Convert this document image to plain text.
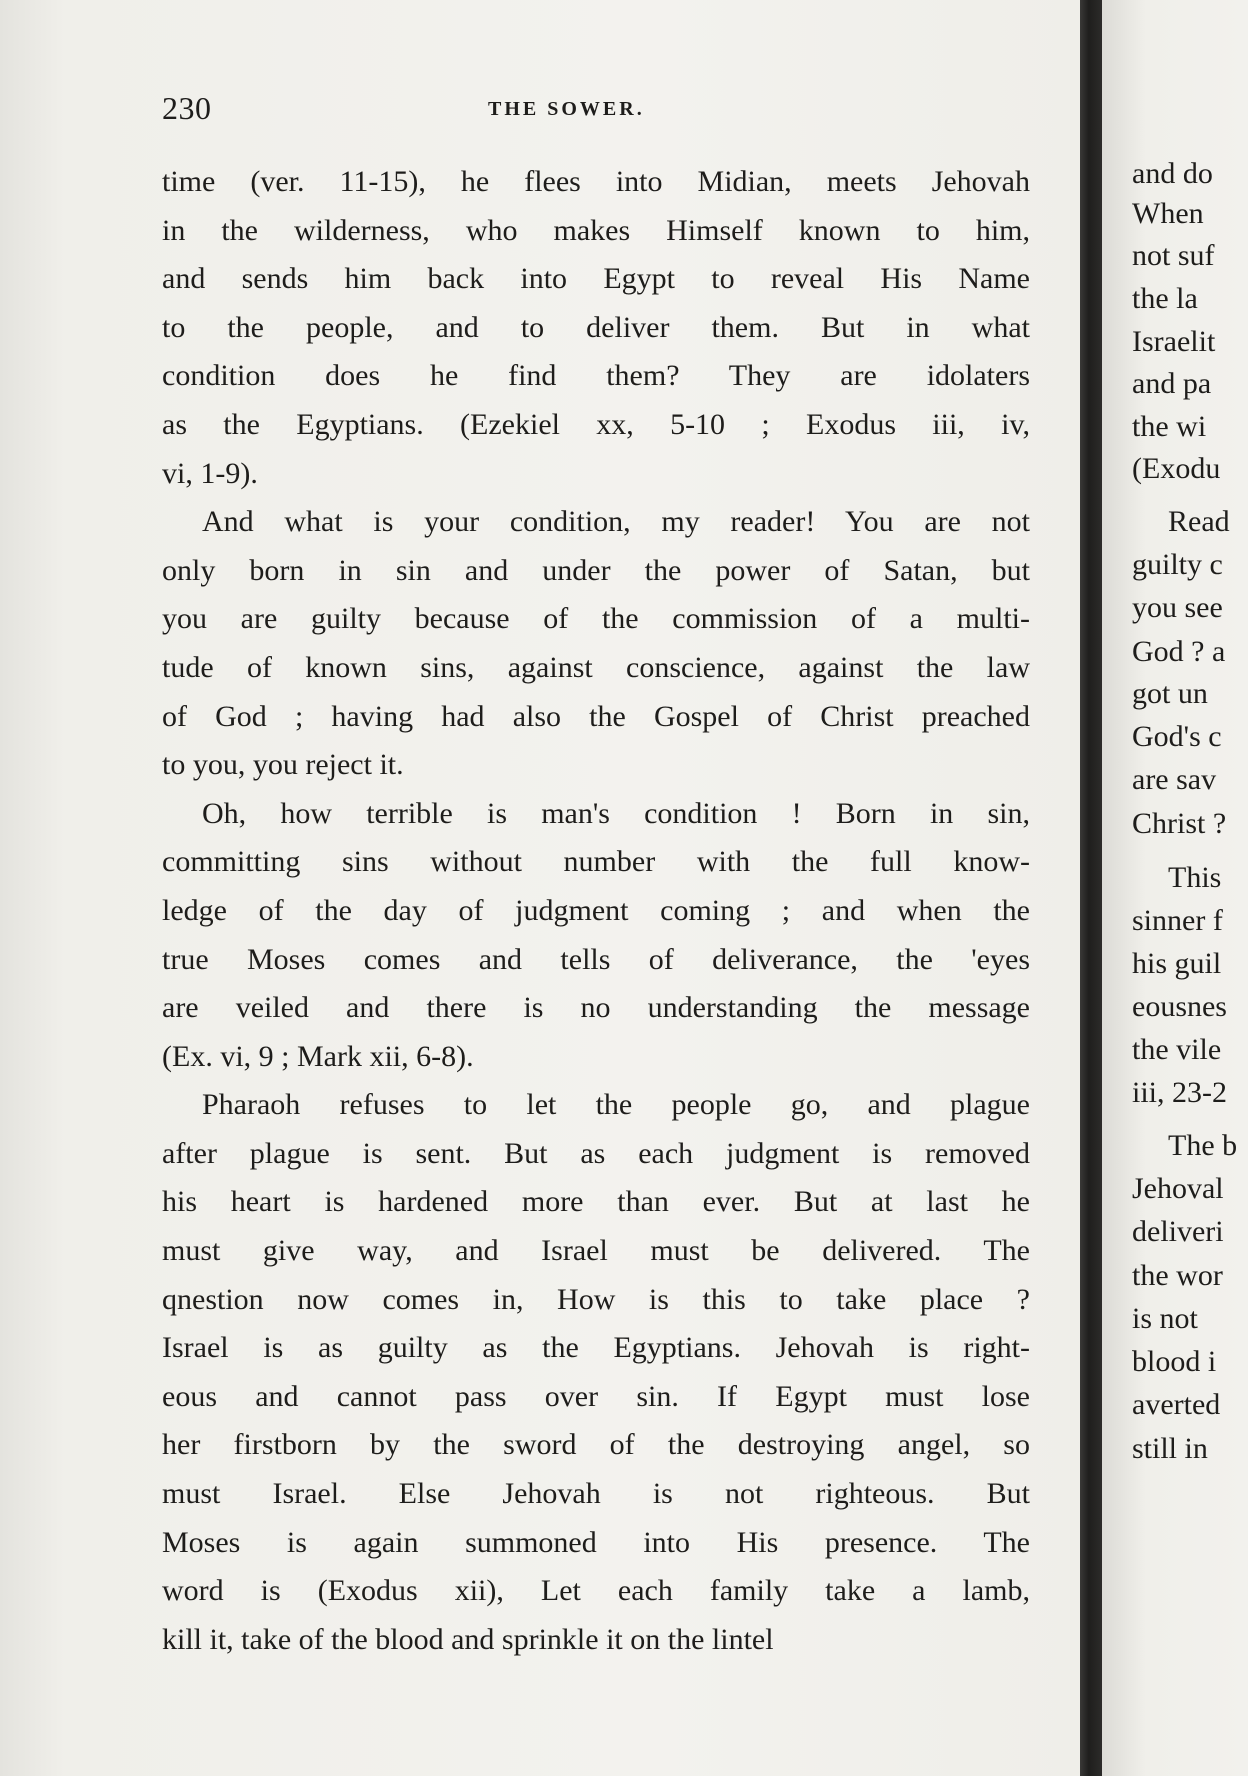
230	THE SOWER.
time (ver. 11-15), he flees into Midian, meets Jehovah
in the wilderness, who makes Himself known to him,
and sends him back into Egypt to reveal His Name
to the people, and to deliver them. But in what
condition does he find them? They are idolaters
as the Egyptians. (Ezekiel xx, 5-10 ; Exodus iii, iv,
vi, 1-9).
And what is your condition, my reader! You are not
only born in sin and under the power of Satan, but
you are guilty because of the commission of a multi-
tude of known sins, against conscience, against the law
of God ; having had also the Gospel of Christ preached
to you, you reject it.
Oh, how terrible is man's condition ! Born in sin,
committing sins without number with the full know-
ledge of the day of judgment coming ; and when the
true Moses comes and tells of deliverance, the 'eyes
are veiled and there is no understanding the message
(Ex. vi, 9 ; Mark xii, 6-8).
Pharaoh refuses to let the people go, and plague
after plague is sent. But as each judgment is removed
his heart is hardened more than ever. But at last he
must give way, and Israel must be delivered. The
qnestion now comes in, How is this to take place ?
Israel is as guilty as the Egyptians. Jehovah is right-
eous and cannot pass over sin. If Egypt must lose
her firstborn by the sword of the destroying angel, so
must Israel. Else Jehovah is not righteous. But
Moses is again summoned into His presence. The
word is (Exodus xii), Let each family take a lamb,
kill it, take of the blood and sprinkle it on the lintel
and do
When
not suf
the la
Israelit
and pa
the wi
(Exodu
Read
guilty c
you see
God ? a
got un
God's c
are sav
Christ ?
This
sinner f
his guil
eousnes
the vile
iii, 23-2
The b
Jehoval
deliveri
the wor
is not
blood i
averted
still in
